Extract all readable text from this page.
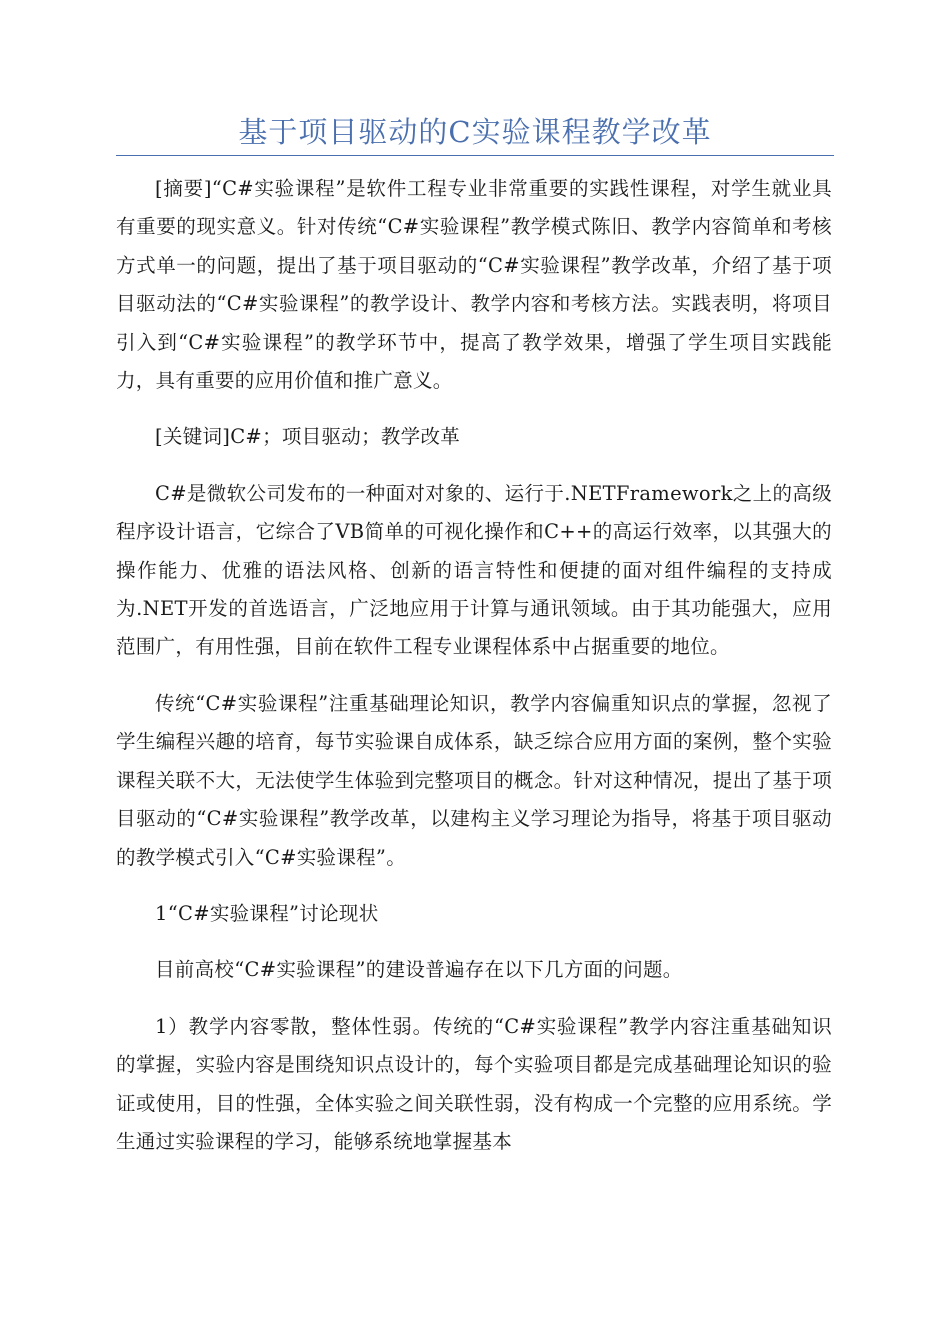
基于项目驱动的C实验课程教学改革

[摘要]“C#实验课程”是软件工程专业非常重要的实践性课程，对学生就业具有重要的现实意义。针对传统“C#实验课程”教学模式陈旧、教学内容简单和考核方式单一的问题，提出了基于项目驱动的“C#实验课程”教学改革，介绍了基于项目驱动法的“C#实验课程”的教学设计、教学内容和考核方法。实践表明，将项目引入到“C#实验课程”的教学环节中，提高了教学效果，增强了学生项目实践能力，具有重要的应用价值和推广意义。

[关键词]C#；项目驱动；教学改革

C#是微软公司发布的一种面对对象的、运行于.NETFramework之上的高级程序设计语言，它综合了VB简单的可视化操作和C++的高运行效率，以其强大的操作能力、优雅的语法风格、创新的语言特性和便捷的面对组件编程的支持成为.NET开发的首选语言，广泛地应用于计算与通讯领域。由于其功能强大，应用范围广，有用性强，目前在软件工程专业课程体系中占据重要的地位。

传统“C#实验课程”注重基础理论知识，教学内容偏重知识点的掌握，忽视了学生编程兴趣的培育，每节实验课自成体系，缺乏综合应用方面的案例，整个实验课程关联不大，无法使学生体验到完整项目的概念。针对这种情况，提出了基于项目驱动的“C#实验课程”教学改革，以建构主义学习理论为指导，将基于项目驱动的教学模式引入“C#实验课程”。

1“C#实验课程”讨论现状

目前高校“C#实验课程”的建设普遍存在以下几方面的问题。

1）教学内容零散，整体性弱。传统的“C#实验课程”教学内容注重基础知识的掌握，实验内容是围绕知识点设计的，每个实验项目都是完成基础理论知识的验证或使用，目的性强，全体实验之间关联性弱，没有构成一个完整的应用系统。学生通过实验课程的学习，能够系统地掌握基本
